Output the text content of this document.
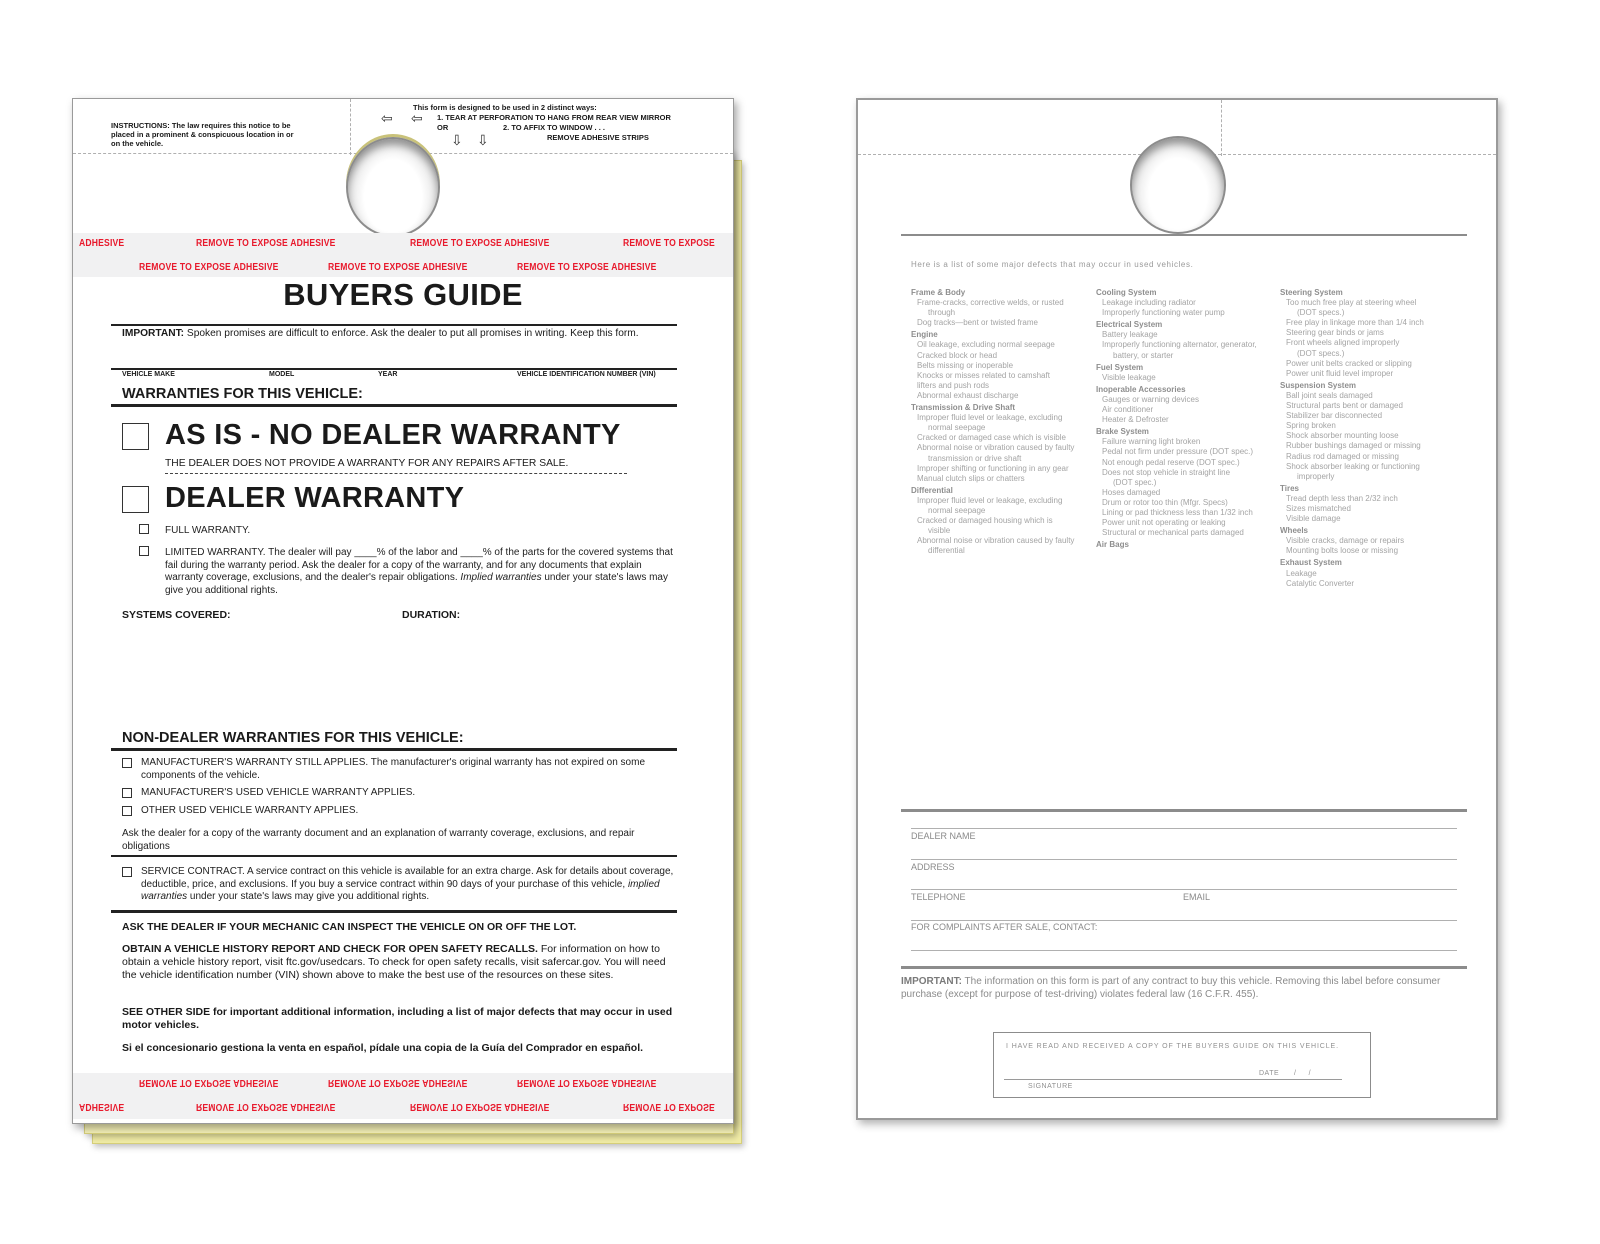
INSTRUCTIONS: The law requires this notice to be placed in a prominent & conspicuous location in or on the vehicle.
This form is designed to be used in 2 distinct ways:
⇦ ⇦ 1. TEAR AT PERFORATION TO HANG FROM REAR VIEW MIRROR
OR	2. TO AFFIX TO WINDOW . . .
⇩ ⇩	REMOVE ADHESIVE STRIPS
ADHESIVE	REMOVE TO EXPOSE ADHESIVE	REMOVE TO EXPOSE ADHESIVE	REMOVE TO EXPOSE
REMOVE TO EXPOSE ADHESIVE	REMOVE TO EXPOSE ADHESIVE	REMOVE TO EXPOSE ADHESIVE
BUYERS GUIDE
IMPORTANT: Spoken promises are difficult to enforce. Ask the dealer to put all promises in writing. Keep this form.
VEHICLE MAKE	MODEL	YEAR	VEHICLE IDENTIFICATION NUMBER (VIN)
WARRANTIES FOR THIS VEHICLE:
AS IS - NO DEALER WARRANTY
THE DEALER DOES NOT PROVIDE A WARRANTY FOR ANY REPAIRS AFTER SALE.
DEALER WARRANTY
FULL WARRANTY.
LIMITED WARRANTY. The dealer will pay ____% of the labor and ____% of the parts for the covered systems that fail during the warranty period. Ask the dealer for a copy of the warranty, and for any documents that explain warranty coverage, exclusions, and the dealer's repair obligations. Implied warranties under your state's laws may give you additional rights.
SYSTEMS COVERED:	DURATION:
NON-DEALER WARRANTIES FOR THIS VEHICLE:
MANUFACTURER'S WARRANTY STILL APPLIES. The manufacturer's original warranty has not expired on some components of the vehicle.
MANUFACTURER'S USED VEHICLE WARRANTY APPLIES.
OTHER USED VEHICLE WARRANTY APPLIES.
Ask the dealer for a copy of the warranty document and an explanation of warranty coverage, exclusions, and repair obligations
SERVICE CONTRACT. A service contract on this vehicle is available for an extra charge. Ask for details about coverage, deductible, price, and exclusions. If you buy a service contract within 90 days of your purchase of this vehicle, implied warranties under your state's laws may give you additional rights.
ASK THE DEALER IF YOUR MECHANIC CAN INSPECT THE VEHICLE ON OR OFF THE LOT.
OBTAIN A VEHICLE HISTORY REPORT AND CHECK FOR OPEN SAFETY RECALLS. For information on how to obtain a vehicle history report, visit ftc.gov/usedcars. To check for open safety recalls, visit safercar.gov. You will need the vehicle identification number (VIN) shown above to make the best use of the resources on these sites.
SEE OTHER SIDE for important additional information, including a list of major defects that may occur in used motor vehicles.
Si el concesionario gestiona la venta en español, pídale una copia de la Guía del Comprador en español.
REMOVE TO EXPOSE ADHESIVE	REMOVE TO EXPOSE ADHESIVE	REMOVE TO EXPOSE ADHESIVE
ADHESIVE	REMOVE TO EXPOSE ADHESIVE	REMOVE TO EXPOSE ADHESIVE	REMOVE TO EXPOSE
Here is a list of some major defects that may occur in used vehicles.
Frame & Body
Frame-cracks, corrective welds, or rusted
through
Dog tracks—bent or twisted frame
Engine
Oil leakage, excluding normal seepage
Cracked block or head
Belts missing or inoperable
Knocks or misses related to camshaft
lifters and push rods
Abnormal exhaust discharge
Transmission & Drive Shaft
Improper fluid level or leakage, excluding
normal seepage
Cracked or damaged case which is visible
Abnormal noise or vibration caused by faulty
transmission or drive shaft
Improper shifting or functioning in any gear
Manual clutch slips or chatters
Differential
Improper fluid level or leakage, excluding
normal seepage
Cracked or damaged housing which is
visible
Abnormal noise or vibration caused by faulty
differential
Cooling System
Leakage including radiator
Improperly functioning water pump
Electrical System
Battery leakage
Improperly functioning alternator, generator,
battery, or starter
Fuel System
Visible leakage
Inoperable Accessories
Gauges or warning devices
Air conditioner
Heater & Defroster
Brake System
Failure warning light broken
Pedal not firm under pressure (DOT spec.)
Not enough pedal reserve (DOT spec.)
Does not stop vehicle in straight line
(DOT spec.)
Hoses damaged
Drum or rotor too thin (Mfgr. Specs)
Lining or pad thickness less than 1/32 inch
Power unit not operating or leaking
Structural or mechanical parts damaged
Air Bags
Steering System
Too much free play at steering wheel
(DOT specs.)
Free play in linkage more than 1/4 inch
Steering gear binds or jams
Front wheels aligned improperly
(DOT specs.)
Power unit belts cracked or slipping
Power unit fluid level improper
Suspension System
Ball joint seals damaged
Structural parts bent or damaged
Stabilizer bar disconnected
Spring broken
Shock absorber mounting loose
Rubber bushings damaged or missing
Radius rod damaged or missing
Shock absorber leaking or functioning
improperly
Tires
Tread depth less than 2/32 inch
Sizes mismatched
Visible damage
Wheels
Visible cracks, damage or repairs
Mounting bolts loose or missing
Exhaust System
Leakage
Catalytic Converter
DEALER NAME
ADDRESS
TELEPHONE	EMAIL
FOR COMPLAINTS AFTER SALE, CONTACT:
IMPORTANT: The information on this form is part of any contract to buy this vehicle. Removing this label before consumer purchase (except for purpose of test-driving) violates federal law (16 C.F.R. 455).
I HAVE READ AND RECEIVED A COPY OF THE BUYERS GUIDE ON THIS VEHICLE.
DATE /     /
SIGNATURE
